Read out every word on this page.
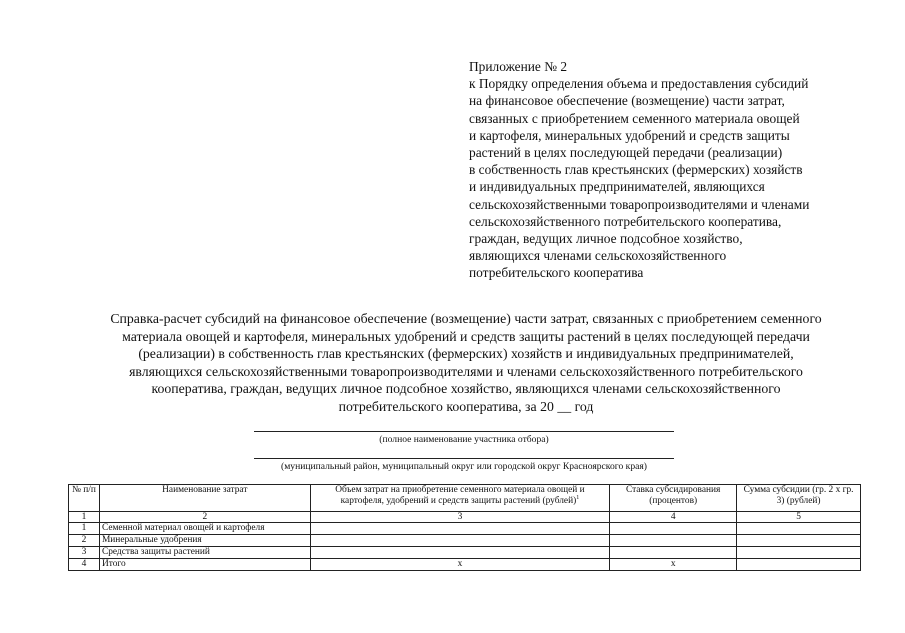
Приложение № 2
к Порядку определения объема и предоставления субсидий
на финансовое обеспечение (возмещение) части затрат,
связанных с приобретением семенного материала овощей
и картофеля, минеральных удобрений и средств защиты
растений в целях последующей передачи (реализации)
в собственность глав крестьянских (фермерских) хозяйств
и индивидуальных предпринимателей, являющихся
сельскохозяйственными товаропроизводителями и членами
сельскохозяйственного потребительского кооператива,
граждан, ведущих личное подсобное хозяйство,
являющихся членами сельскохозяйственного
потребительского кооператива
Справка-расчет субсидий на финансовое обеспечение (возмещение) части затрат, связанных с приобретением семенного
материала овощей и картофеля, минеральных удобрений и средств защиты растений в целях последующей передачи
(реализации) в собственность глав крестьянских (фермерских) хозяйств и индивидуальных предпринимателей,
являющихся сельскохозяйственными товаропроизводителями и членами сельскохозяйственного потребительского
кооператива, граждан, ведущих личное подсобное хозяйство, являющихся членами сельскохозяйственного
потребительского кооператива, за 20 __ год
(полное наименование участника отбора)
(муниципальный район, муниципальный округ или городской округ Красноярского края)
№ п/п	Наименование затрат	Объем затрат на приобретение семенного материала овощей и картофеля, удобрений и средств защиты растений (рублей)$^1$	Ставка субсидирования (процентов)	Сумма субсидии (гр. 2 x гр. 3) (рублей)
1	2	3	4	5
1	Семенной материал овощей и картофеля			
2	Минеральные удобрения			
3	Средства защиты растений			
4	Итого	x	x	
